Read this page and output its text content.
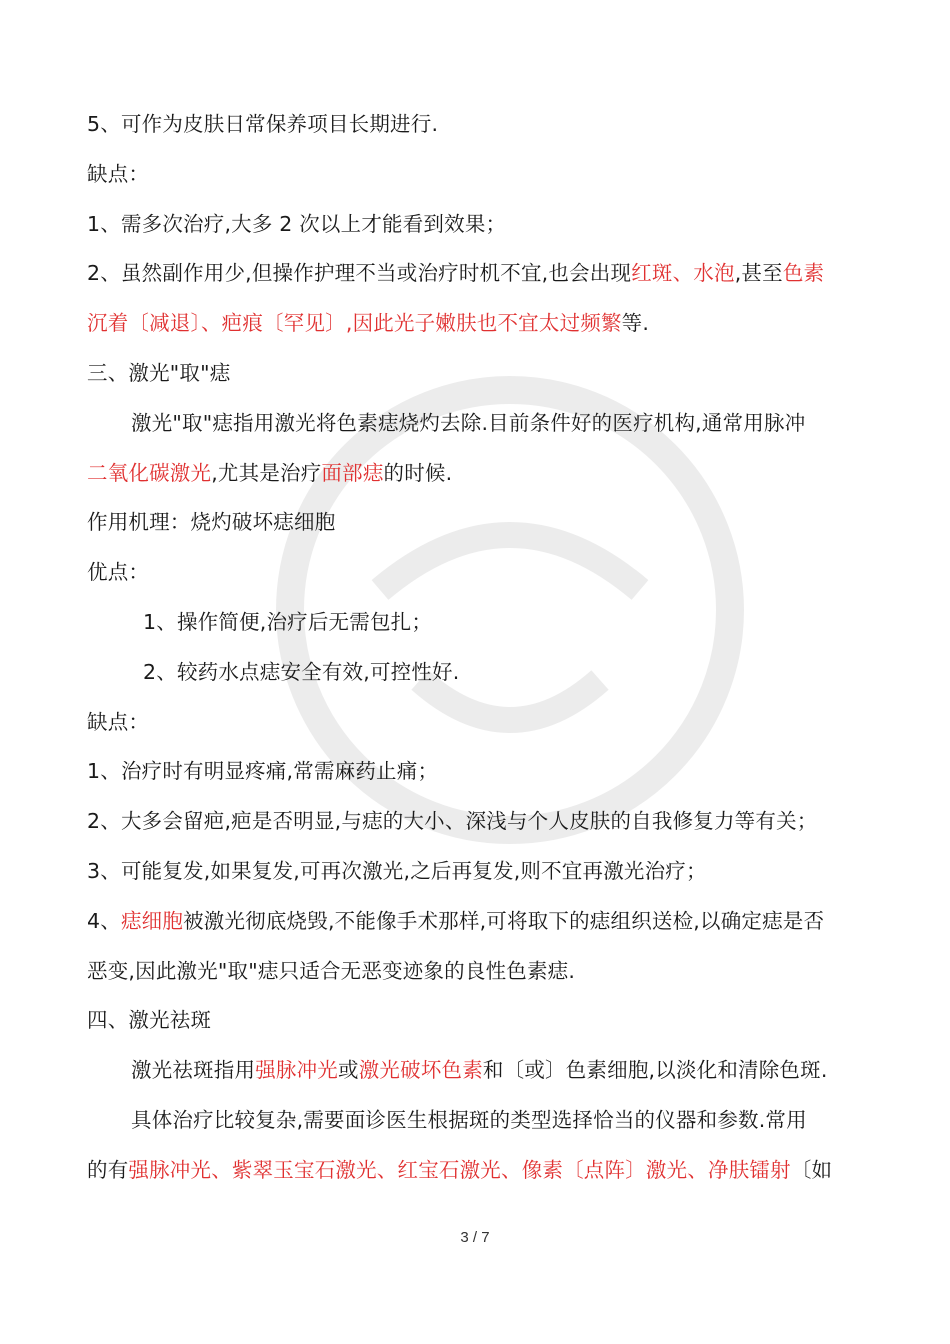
5、可作为皮肤日常保养项目长期进行.
缺点：
1、需多次治疗,大多 2 次以上才能看到效果；
2、虽然副作用少,但操作护理不当或治疗时机不宜,也会出现红斑、水泡,甚至色素
沉着〔减退〕、疤痕〔罕见〕,因此光子嫩肤也不宜太过频繁等.
三、激光"取"痣
激光"取"痣指用激光将色素痣烧灼去除.目前条件好的医疗机构,通常用脉冲
二氧化碳激光,尤其是治疗面部痣的时候.
作用机理：烧灼破坏痣细胞
优点：
1、操作简便,治疗后无需包扎；
2、较药水点痣安全有效,可控性好.
缺点：
1、治疗时有明显疼痛,常需麻药止痛；
2、大多会留疤,疤是否明显,与痣的大小、深浅与个人皮肤的自我修复力等有关；
3、可能复发,如果复发,可再次激光,之后再复发,则不宜再激光治疗；
4、痣细胞被激光彻底烧毁,不能像手术那样,可将取下的痣组织送检,以确定痣是否
恶变,因此激光"取"痣只适合无恶变迹象的良性色素痣.
四、激光祛斑
激光祛斑指用强脉冲光或激光破坏色素和〔或〕色素细胞,以淡化和清除色斑.
具体治疗比较复杂,需要面诊医生根据斑的类型选择恰当的仪器和参数.常用
的有强脉冲光、紫翠玉宝石激光、红宝石激光、像素〔点阵〕激光、净肤镭射〔如
3 / 7
